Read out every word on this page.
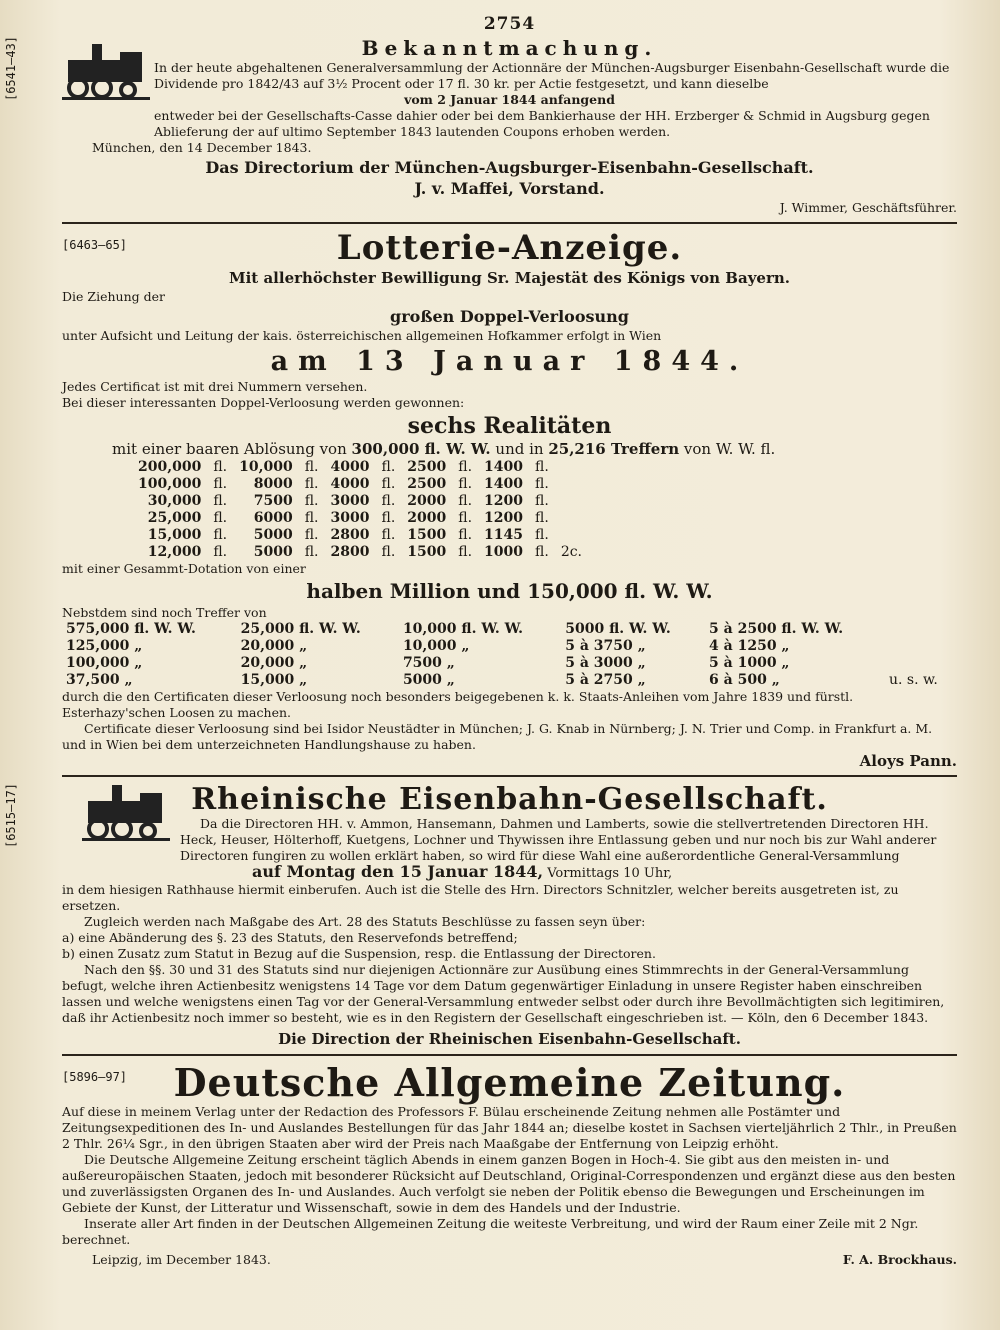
2754
[6541—43]	Bekanntmachung.

In der heute abgehaltenen Generalversammlung der Actionnäre der München-Augsburger Eisenbahn-Gesellschaft wurde die Dividende pro 1842/43 auf 3½ Procent oder 17 fl. 30 kr. per Actie festgesetzt, und kann dieselbe

vom 2 Januar 1844 anfangend

entweder bei der Gesellschafts-Casse dahier oder bei dem Bankierhause der HH. Erzberger & Schmid in Augsburg gegen Ablieferung der auf ultimo September 1843 lautenden Coupons erhoben werden.

München, den 14 December 1843.

Das Directorium der München-Augsburger-Eisenbahn-Gesellschaft.

J. v. Maffei, Vorstand.

J. Wimmer, Geschäftsführer.

[6463—65]	Lotterie-Anzeige.
Mit allerhöchster Bewilligung Sr. Majestät des Königs von Bayern.

Die Ziehung der

großen Doppel-Verloosung

unter Aufsicht und Leitung der kais. österreichischen allgemeinen Hofkammer erfolgt in Wien

am 13 Januar 1844.

Jedes Certificat ist mit drei Nummern versehen.

Bei dieser interessanten Doppel-Verloosung werden gewonnen:

sechs Realitäten

mit einer baaren Ablösung von 300,000 fl. W. W. und in 25,216 Treffern von W. W. fl.

200,000	fl.	10,000	fl.	4000	fl.	2500	fl.	1400	fl.	
100,000	fl.	8000	fl.	4000	fl.	2500	fl.	1400	fl.	
30,000	fl.	7500	fl.	3000	fl.	2000	fl.	1200	fl.	
25,000	fl.	6000	fl.	3000	fl.	2000	fl.	1200	fl.	
15,000	fl.	5000	fl.	2800	fl.	1500	fl.	1145	fl.	
12,000	fl.	5000	fl.	2800	fl.	1500	fl.	1000	fl.	2c.

mit einer Gesammt-Dotation von einer

halben Million und 150,000 fl. W. W.

Nebstdem sind noch Treffer von

575,000 fl. W. W.	25,000 fl. W. W.	10,000 fl. W. W.	5000 fl. W. W.	5 à 2500 fl. W. W.	
125,000 „	20,000 „	10,000 „	5 à 3750 „	4 à 1250 „	
100,000 „	20,000 „	7500 „	5 à 3000 „	5 à 1000 „	
37,500 „	15,000 „	5000 „	5 à 2750 „	6 à 500 „	u. s. w.

durch die den Certificaten dieser Verloosung noch besonders beigegebenen k. k. Staats-Anleihen vom Jahre 1839 und fürstl. Esterhazy'schen Loosen zu machen.

Certificate dieser Verloosung sind bei Isidor Neustädter in München; J. G. Knab in Nürnberg; J. N. Trier und Comp. in Frankfurt a. M. und in Wien bei dem unterzeichneten Handlungshause zu haben.

Aloys Pann.

[6515—17]	Rheinische Eisenbahn-Gesellschaft.

Da die Directoren HH. v. Ammon, Hansemann, Dahmen und Lamberts, sowie die stellvertretenden Directoren HH. Heck, Heuser, Hölterhoff, Kuetgens, Lochner und Thywissen ihre Entlassung geben und nur noch bis zur Wahl anderer Directoren fungiren zu wollen erklärt haben, so wird für diese Wahl eine außerordentliche General-Versammlung

auf Montag den 15 Januar 1844, Vormittags 10 Uhr,

in dem hiesigen Rathhause hiermit einberufen. Auch ist die Stelle des Hrn. Directors Schnitzler, welcher bereits ausgetreten ist, zu ersetzen.

Zugleich werden nach Maßgabe des Art. 28 des Statuts Beschlüsse zu fassen seyn über:

a) eine Abänderung des §. 23 des Statuts, den Reservefonds betreffend;

b) einen Zusatz zum Statut in Bezug auf die Suspension, resp. die Entlassung der Directoren.

Nach den §§. 30 und 31 des Statuts sind nur diejenigen Actionnäre zur Ausübung eines Stimmrechts in der General-Versammlung befugt, welche ihren Actienbesitz wenigstens 14 Tage vor dem Datum gegenwärtiger Einladung in unsere Register haben einschreiben lassen und welche wenigstens einen Tag vor der General-Versammlung entweder selbst oder durch ihre Bevollmächtigten sich legitimiren, daß ihr Actienbesitz noch immer so besteht, wie es in den Registern der Gesellschaft eingeschrieben ist. — Köln, den 6 December 1843.

Die Direction der Rheinischen Eisenbahn-Gesellschaft.

[5896—97]	Deutsche Allgemeine Zeitung.

Auf diese in meinem Verlag unter der Redaction des Professors F. Bülau erscheinende Zeitung nehmen alle Postämter und Zeitungsexpeditionen des In- und Auslandes Bestellungen für das Jahr 1844 an; dieselbe kostet in Sachsen vierteljährlich 2 Thlr., in Preußen 2 Thlr. 26¼ Sgr., in den übrigen Staaten aber wird der Preis nach Maaßgabe der Entfernung von Leipzig erhöht.

Die Deutsche Allgemeine Zeitung erscheint täglich Abends in einem ganzen Bogen in Hoch-4. Sie gibt aus den meisten in- und außereuropäischen Staaten, jedoch mit besonderer Rücksicht auf Deutschland, Original-Correspondenzen und ergänzt diese aus den besten und zuverlässigsten Organen des In- und Auslandes. Auch verfolgt sie neben der Politik ebenso die Bewegungen und Erscheinungen im Gebiete der Kunst, der Litteratur und Wissenschaft, sowie in dem des Handels und der Industrie.

Inserate aller Art finden in der Deutschen Allgemeinen Zeitung die weiteste Verbreitung, und wird der Raum einer Zeile mit 2 Ngr. berechnet.

Leipzig, im December 1843.	F. A. Brockhaus.
